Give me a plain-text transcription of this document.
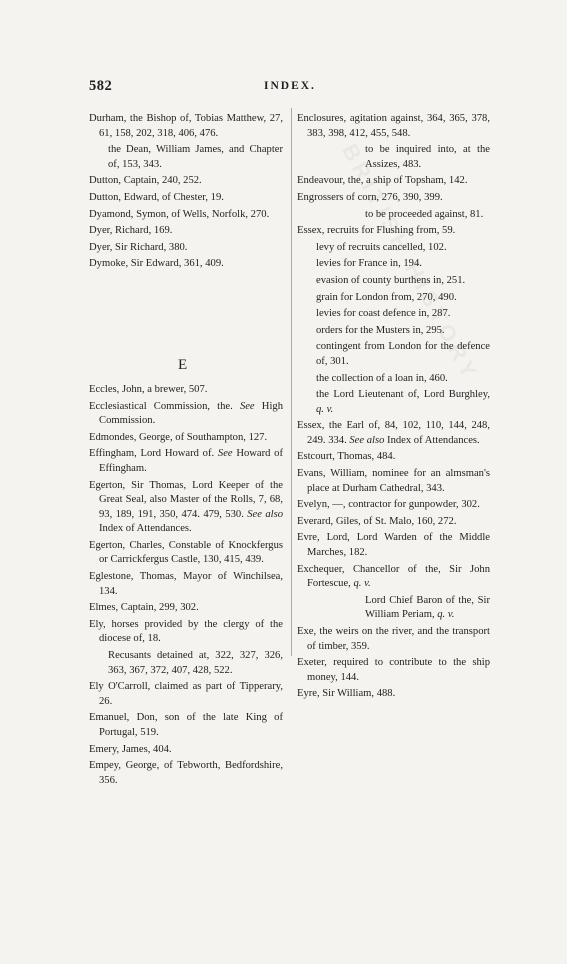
582	INDEX.
E
Durham, the Bishop of, Tobias Matthew, 27, 61, 158, 202, 318, 406, 476.
the Dean, William James, and Chapter of, 153, 343.
Dutton, Captain, 240, 252.
Dutton, Edward, of Chester, 19.
Dyamond, Symon, of Wells, Norfolk, 270.
Dyer, Richard, 169.
Dyer, Sir Richard, 380.
Dymoke, Sir Edward, 361, 409.
Eccles, John, a brewer, 507.
Ecclesiastical Commission, the. See High Commission.
Edmondes, George, of Southampton, 127.
Effingham, Lord Howard of. See Howard of Effingham.
Egerton, Sir Thomas, Lord Keeper of the Great Seal, also Master of the Rolls, 7, 68, 93, 189, 191, 350, 474. 479, 530. See also Index of Attendances.
Egerton, Charles, Constable of Knockfergus or Carrickfergus Castle, 130, 415, 439.
Eglestone, Thomas, Mayor of Winchilsea, 134.
Elmes, Captain, 299, 302.
Ely, horses provided by the clergy of the diocese of, 18.
Recusants detained at, 322, 327, 326, 363, 367, 372, 407, 428, 522.
Ely O'Carroll, claimed as part of Tipperary, 26.
Emanuel, Don, son of the late King of Portugal, 519.
Emery, James, 404.
Empey, George, of Tebworth, Bedfordshire, 356.
Enclosures, agitation against, 364, 365, 378, 383, 398, 412, 455, 548.
to be inquired into, at the Assizes, 483.
Endeavour, the, a ship of Topsham, 142.
Engrossers of corn, 276, 390, 399.
to be proceeded against, 81.
Essex, recruits for Flushing from, 59.
levy of recruits cancelled, 102.
levies for France in, 194.
evasion of county burthens in, 251.
grain for London from, 270, 490.
levies for coast defence in, 287.
orders for the Musters in, 295.
contingent from London for the defence of, 301.
the collection of a loan in, 460.
the Lord Lieutenant of, Lord Burghley, q. v.
Essex, the Earl of, 84, 102, 110, 144, 248, 249. 334. See also Index of Attendances.
Estcourt, Thomas, 484.
Evans, William, nominee for an almsman's place at Durham Cathedral, 343.
Evelyn, —, contractor for gunpowder, 302.
Everard, Giles, of St. Malo, 160, 272.
Evre, Lord, Lord Warden of the Middle Marches, 182.
Exchequer, Chancellor of the, Sir John Fortescue, q. v.
Lord Chief Baron of the, Sir William Periam, q. v.
Exe, the weirs on the river, and the transport of timber, 359.
Exeter, required to contribute to the ship money, 144.
Eyre, Sir William, 488.
